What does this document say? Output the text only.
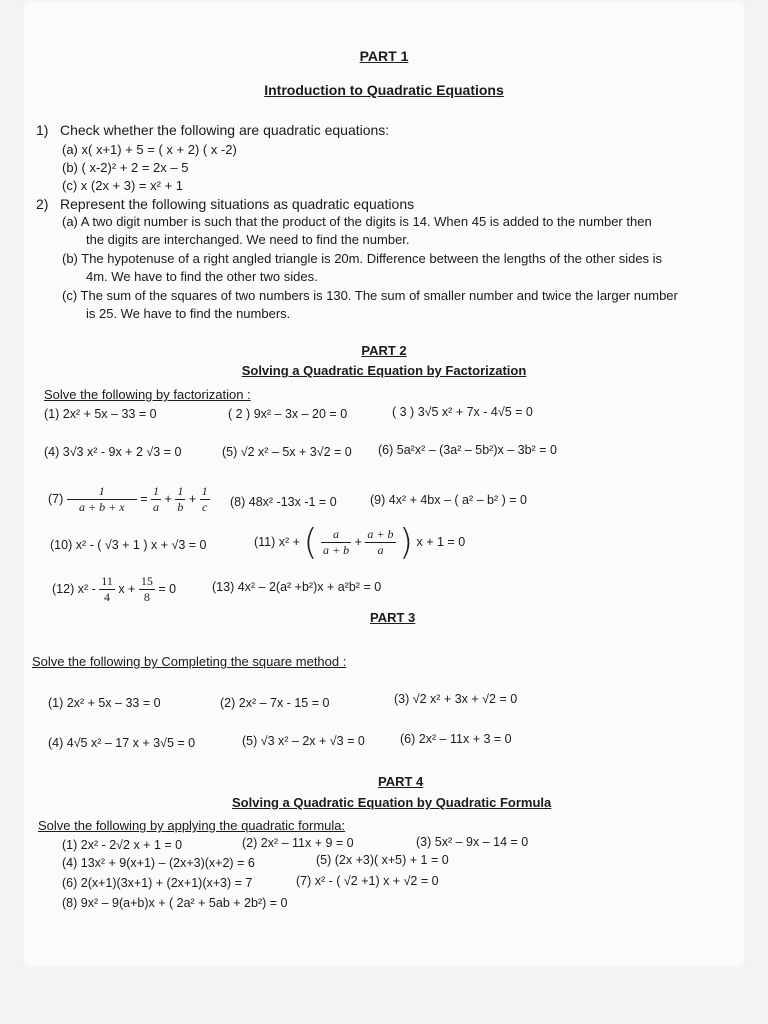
PART 1
Introduction to Quadratic Equations
1) Check whether the following are quadratic equations:
(a) x( x+1) + 5 = ( x + 2) ( x -2)
(b) ( x-2)² + 2 = 2x – 5
(c) x (2x + 3) = x² + 1
2) Represent the following situations as quadratic equations
(a) A two digit number is such that the product of the digits is 14. When 45 is added to the number then
the digits are interchanged. We need to find the number.
(b) The hypotenuse of a right angled triangle is 20m. Difference between the lengths of the other sides is
4m. We have to find the other two sides.
(c) The sum of the squares of two numbers is 130. The sum of smaller number and twice the larger number
is 25. We have to find the numbers.
PART 2
Solving a Quadratic Equation by Factorization
Solve the following by factorization :
(1) 2x² + 5x – 33 = 0	( 2 ) 9x² – 3x – 20 = 0	( 3 ) 3√5 x² + 7x - 4√5 = 0
(4) 3√3 x² - 9x + 2 √3 = 0	(5) √2 x² – 5x + 3√2 = 0 (6) 5a²x² – (3a² – 5b²)x – 3b² = 0
$(7) \frac{1}{a + b + x} = \frac{1}{a} + \frac{1}{b} + \frac{1}{c} (8)$ 48x² -13x -1 = 0	(9) 4x² + 4bx – ( a² – b² ) = 0
(10) x² - ( √3 + 1 ) x + √3 = 0	(11) x² + ( $\frac{a}{a + b} + \frac{a + b}{a}$ ) x + 1 = 0
(12) $x^2 - \frac{11}{4}$ $x + \frac{15}{8} = 0$	(13) 4x² – 2(a² +b²)x + a²b² = 0
PART 3
Solve the following by Completing the square method :
(1) 2x² + 5x – 33 = 0	(2) 2x² – 7x - 15 = 0	(3) √2 x² + 3x + √2 = 0
(4) 4√5 x² – 17 x + 3√5 = 0	(5) √3 x² – 2x + √3 = 0	(6) 2x² – 11x + 3 = 0
PART 4
Solving a Quadratic Equation by Quadratic Formula
Solve the following by applying the quadratic formula:
(1) 2x² - 2√2 x + 1 = 0	(2) 2x² – 11x + 9 = 0	(3) 5x² – 9x – 14 = 0
(4) 13x² + 9(x+1) – (2x+3)(x+2) = 6	(5) (2x +3)( x+5) + 1 = 0
(6) 2(x+1)(3x+1) + (2x+1)(x+3) = 7	(7) x² - ( √2 +1) x + √2 = 0
(8) 9x² – 9(a+b)x + ( 2a² + 5ab + 2b²) = 0
